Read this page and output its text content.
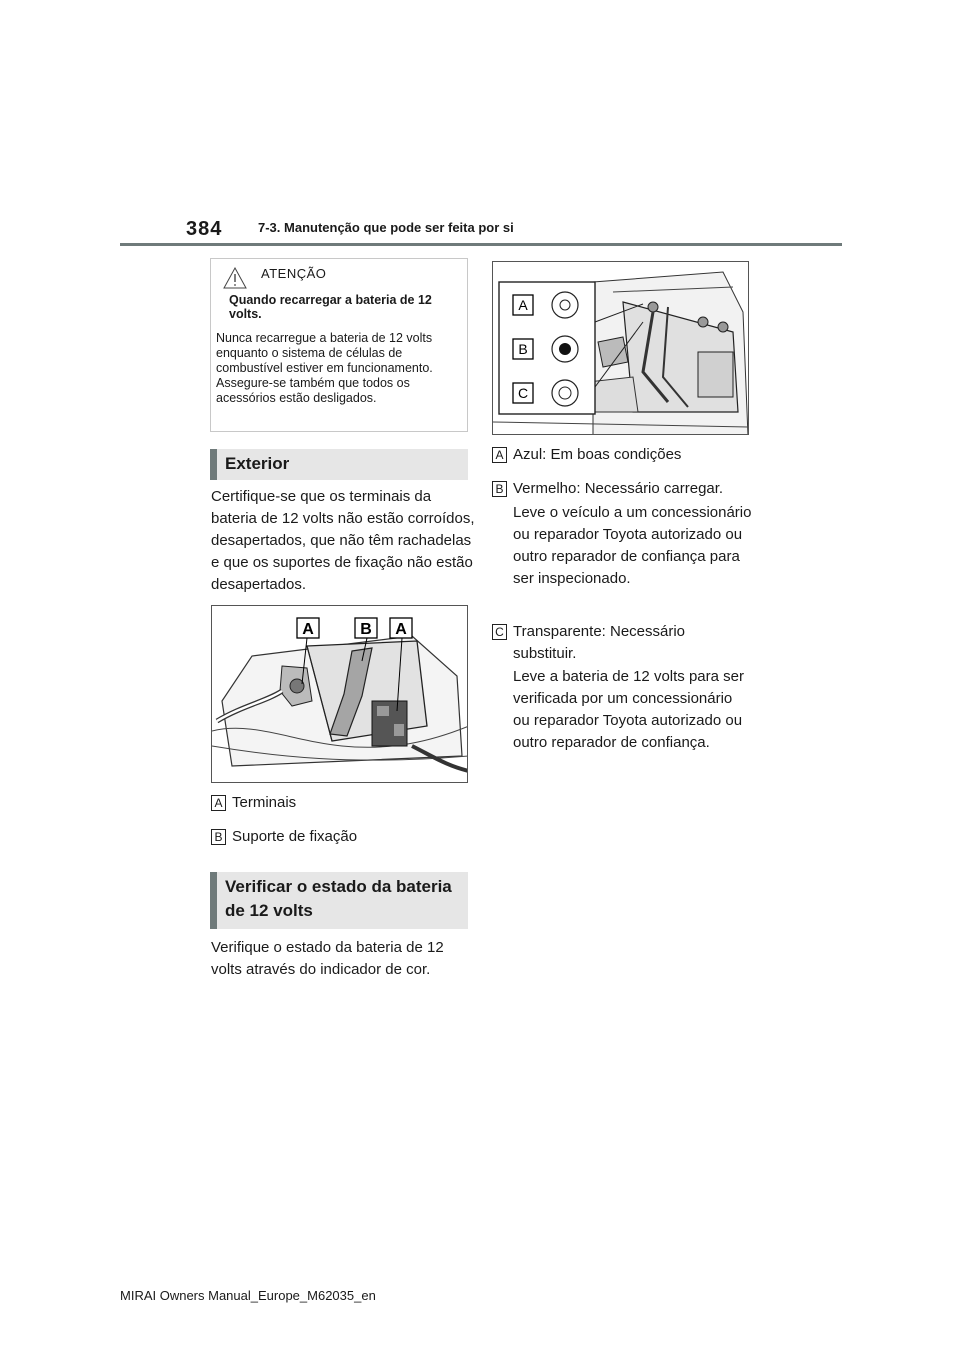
384	7-3. Manutenção que pode ser feita por si
ATENÇÃO
Quando recarregar a bateria de 12 volts.
Nunca recarregue a bateria de 12 volts enquanto o sistema de células de combustível estiver em funcionamento. Assegure-se também que todos os acessórios estão desligados.
Exterior
Certifique-se que os terminais da bateria de 12 volts não estão corroídos, desapertados, que não têm rachadelas e que os suportes de fixação não estão desapertados.
A	B A
A Terminais
B Suporte de fixação
Verificar o estado da bateria de 12 volts
Verifique o estado da bateria de 12 volts através do indicador de cor.
A
B
C
A Azul: Em boas condições
B Vermelho: Necessário carregar.
Leve o veículo a um concessionário ou reparador Toyota autorizado ou outro reparador de confiança para ser inspecionado.
C Transparente: Necessário substituir.
Leve a bateria de 12 volts para ser verificada por um concessionário ou reparador Toyota autorizado ou outro reparador de confiança.
MIRAI Owners Manual_Europe_M62035_en
